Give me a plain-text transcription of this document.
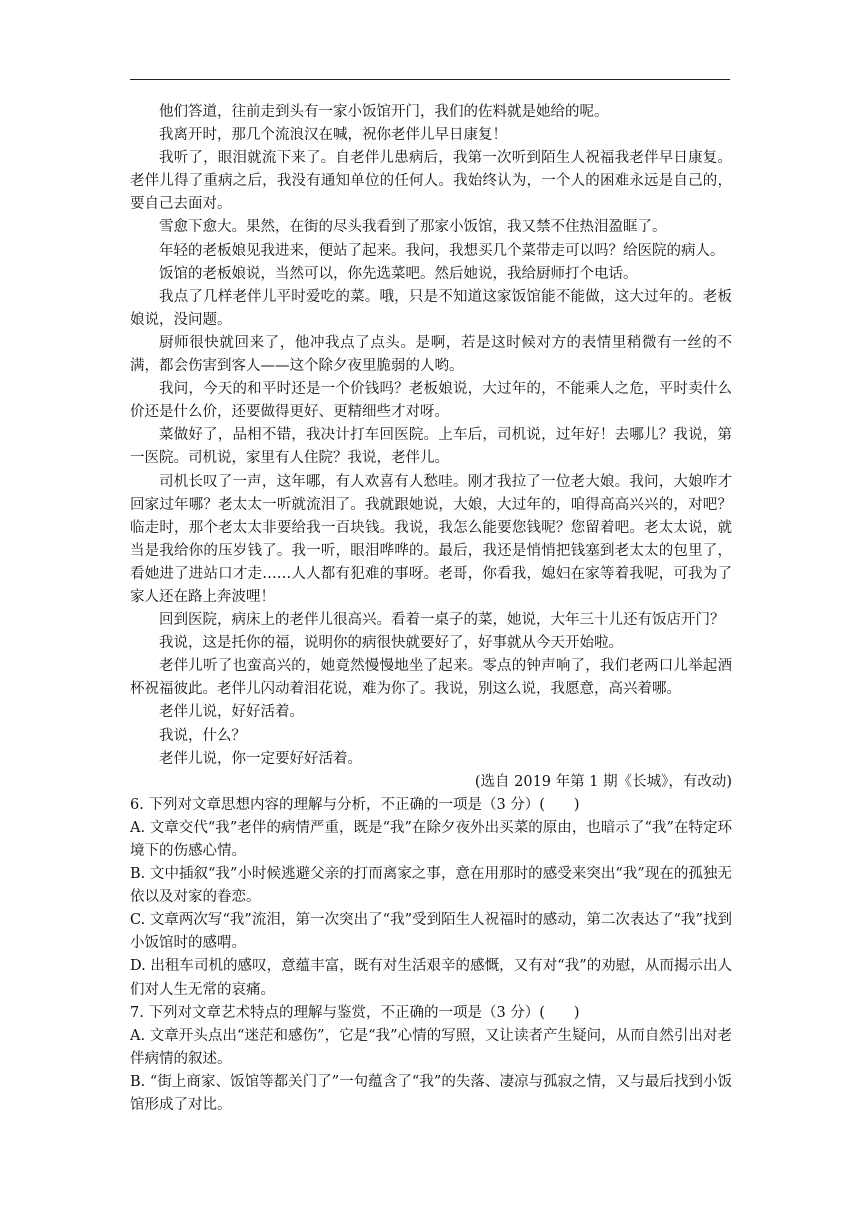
他们答道，往前走到头有一家小饭馆开门，我们的佐料就是她给的呢。

我离开时，那几个流浪汉在喊，祝你老伴儿早日康复！

我听了，眼泪就流下来了。自老伴儿患病后，我第一次听到陌生人祝福我老伴早日康复。老伴儿得了重病之后，我没有通知单位的任何人。我始终认为，一个人的困难永远是自己的，要自己去面对。

雪愈下愈大。果然，在街的尽头我看到了那家小饭馆，我又禁不住热泪盈眶了。

年轻的老板娘见我进来，便站了起来。我问，我想买几个菜带走可以吗？给医院的病人。

饭馆的老板娘说，当然可以，你先选菜吧。然后她说，我给厨师打个电话。

我点了几样老伴儿平时爱吃的菜。哦，只是不知道这家饭馆能不能做，这大过年的。老板娘说，没问题。

厨师很快就回来了，他冲我点了点头。是啊，若是这时候对方的表情里稍微有一丝的不满，都会伤害到客人——这个除夕夜里脆弱的人哟。

我问，今天的和平时还是一个价钱吗？老板娘说，大过年的，不能乘人之危，平时卖什么价还是什么价，还要做得更好、更精细些才对呀。

菜做好了，品相不错，我决计打车回医院。上车后，司机说，过年好！去哪儿？我说，第一医院。司机说，家里有人住院？我说，老伴儿。

司机长叹了一声，这年哪，有人欢喜有人愁哇。刚才我拉了一位老大娘。我问，大娘咋才回家过年哪？老太太一听就流泪了。我就跟她说，大娘，大过年的，咱得高高兴兴的，对吧？临走时，那个老太太非要给我一百块钱。我说，我怎么能要您钱呢？您留着吧。老太太说，就当是我给你的压岁钱了。我一听，眼泪哗哗的。最后，我还是悄悄把钱塞到老太太的包里了，看她进了进站口才走……人人都有犯难的事呀。老哥，你看我，媳妇在家等着我呢，可我为了家人还在路上奔波哩！

回到医院，病床上的老伴儿很高兴。看着一桌子的菜，她说，大年三十儿还有饭店开门？

我说，这是托你的福，说明你的病很快就要好了，好事就从今天开始啦。

老伴儿听了也蛮高兴的，她竟然慢慢地坐了起来。零点的钟声响了，我们老两口儿举起酒杯祝福彼此。老伴儿闪动着泪花说，难为你了。我说，别这么说，我愿意，高兴着哪。

老伴儿说，好好活着。

我说，什么？

老伴儿说，你一定要好好活着。

(选自 2019 年第 1 期《长城》，有改动)

6. 下列对文章思想内容的理解与分析，不正确的一项是（3 分）(　　)

A. 文章交代“我”老伴的病情严重，既是“我”在除夕夜外出买菜的原由，也暗示了“我”在特定环境下的伤感心情。

B. 文中插叙“我”小时候逃避父亲的打而离家之事，意在用那时的感受来突出“我”现在的孤独无依以及对家的眷恋。

C. 文章两次写“我”流泪，第一次突出了“我”受到陌生人祝福时的感动，第二次表达了“我”找到小饭馆时的感喟。

D. 出租车司机的感叹，意蕴丰富，既有对生活艰辛的感慨，又有对“我”的劝慰，从而揭示出人们对人生无常的哀痛。

7. 下列对文章艺术特点的理解与鉴赏，不正确的一项是（3 分）(　　)

A. 文章开头点出“迷茫和感伤”，它是“我”心情的写照，又让读者产生疑问，从而自然引出对老伴病情的叙述。

B. “街上商家、饭馆等都关门了”一句蕴含了“我”的失落、凄凉与孤寂之情，又与最后找到小饭馆形成了对比。
